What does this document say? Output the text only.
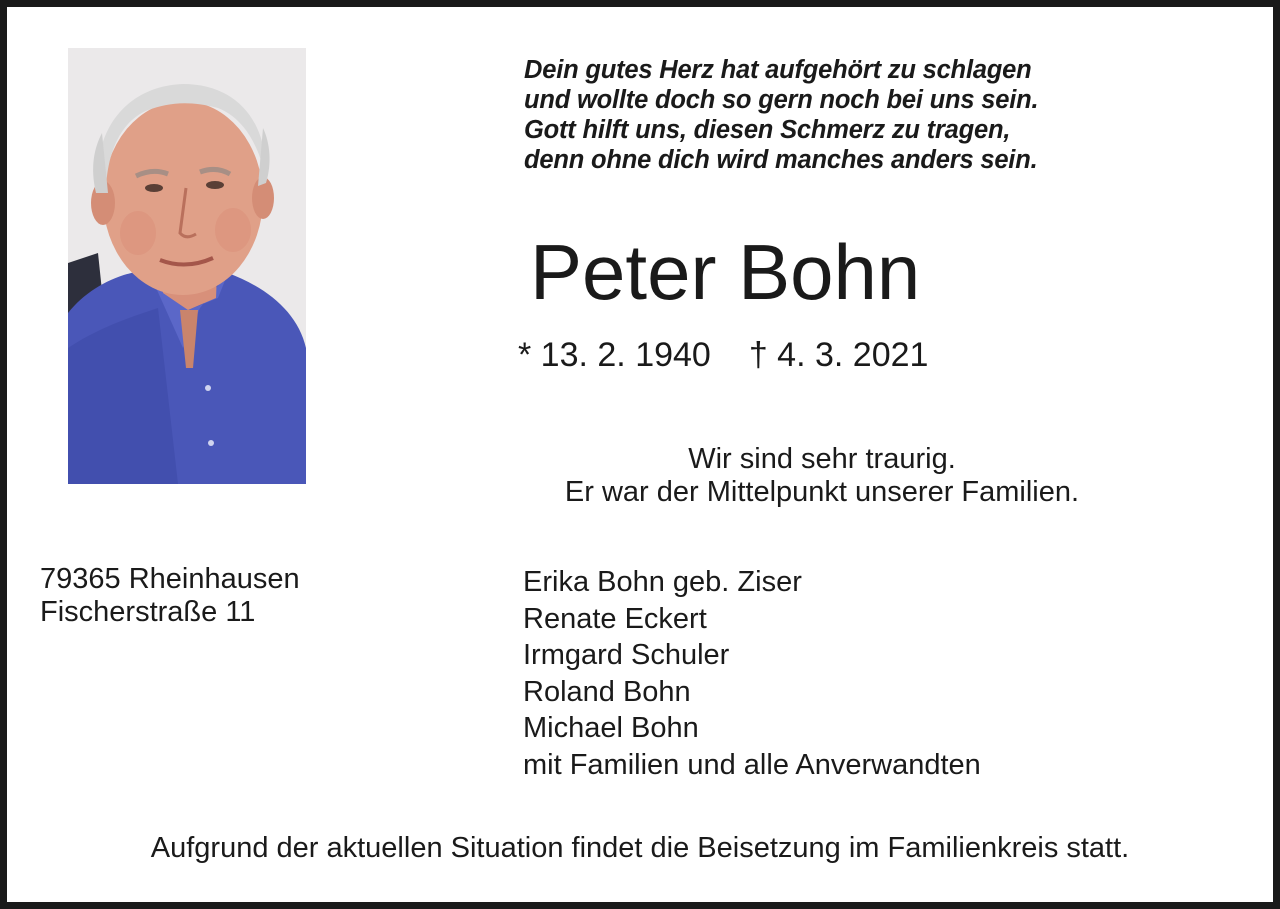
Dein gutes Herz hat aufgehört zu schlagen
und wollte doch so gern noch bei uns sein.
Gott hilft uns, diesen Schmerz zu tragen,
denn ohne dich wird manches anders sein.
Peter Bohn
* 13. 2. 1940 † 4. 3. 2021
Wir sind sehr traurig.
Er war der Mittelpunkt unserer Familien.
79365 Rheinhausen
Fischerstraße 11
Erika Bohn geb. Ziser
Renate Eckert
Irmgard Schuler
Roland Bohn
Michael Bohn
mit Familien und alle Anverwandten
Aufgrund der aktuellen Situation findet die Beisetzung im Familienkreis statt.
